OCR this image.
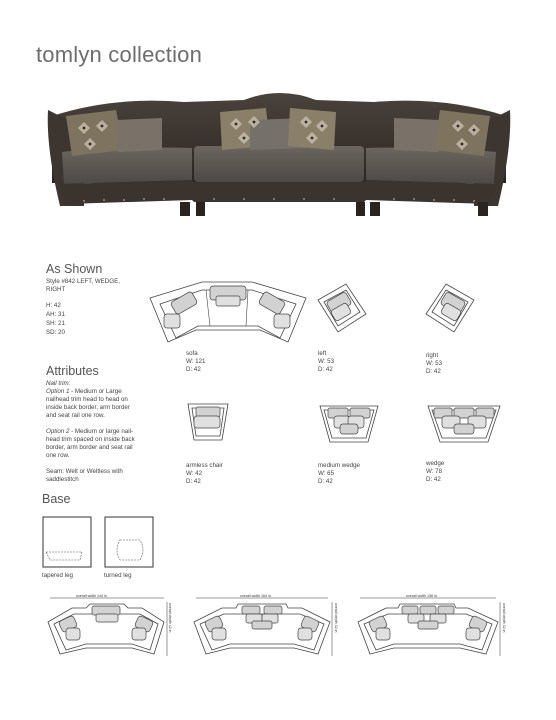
tomlyn collection
As Shown
Style #842 LEFT, WEDGE,
RIGHT
H: 42
AH: 31
SH: 21
SD: 20
Attributes
Nail trim:
Option 1 - Medium or Large
nailhead trim head to head on
inside back border, arm border
and seat rail one row.
Option 2 - Medium or large nail-
head trim spaced on inside back
border, arm border and seat rail
one row.
Seam: Welt or Weltless with
saddlestitch
sofa
W: 121
D: 42
left
W: 53
D: 42
right
W: 53
D: 42
armless chair
W: 42
D: 42
medium wedge
W: 65
D: 42
wedge
W: 78
D: 42
Base
tapered leg	turned leg
overall width 144 in.
overall depth 42 in.
overall width 164 in.
overall depth 42 in.
overall width 158 in.
overall depth 42 in.
